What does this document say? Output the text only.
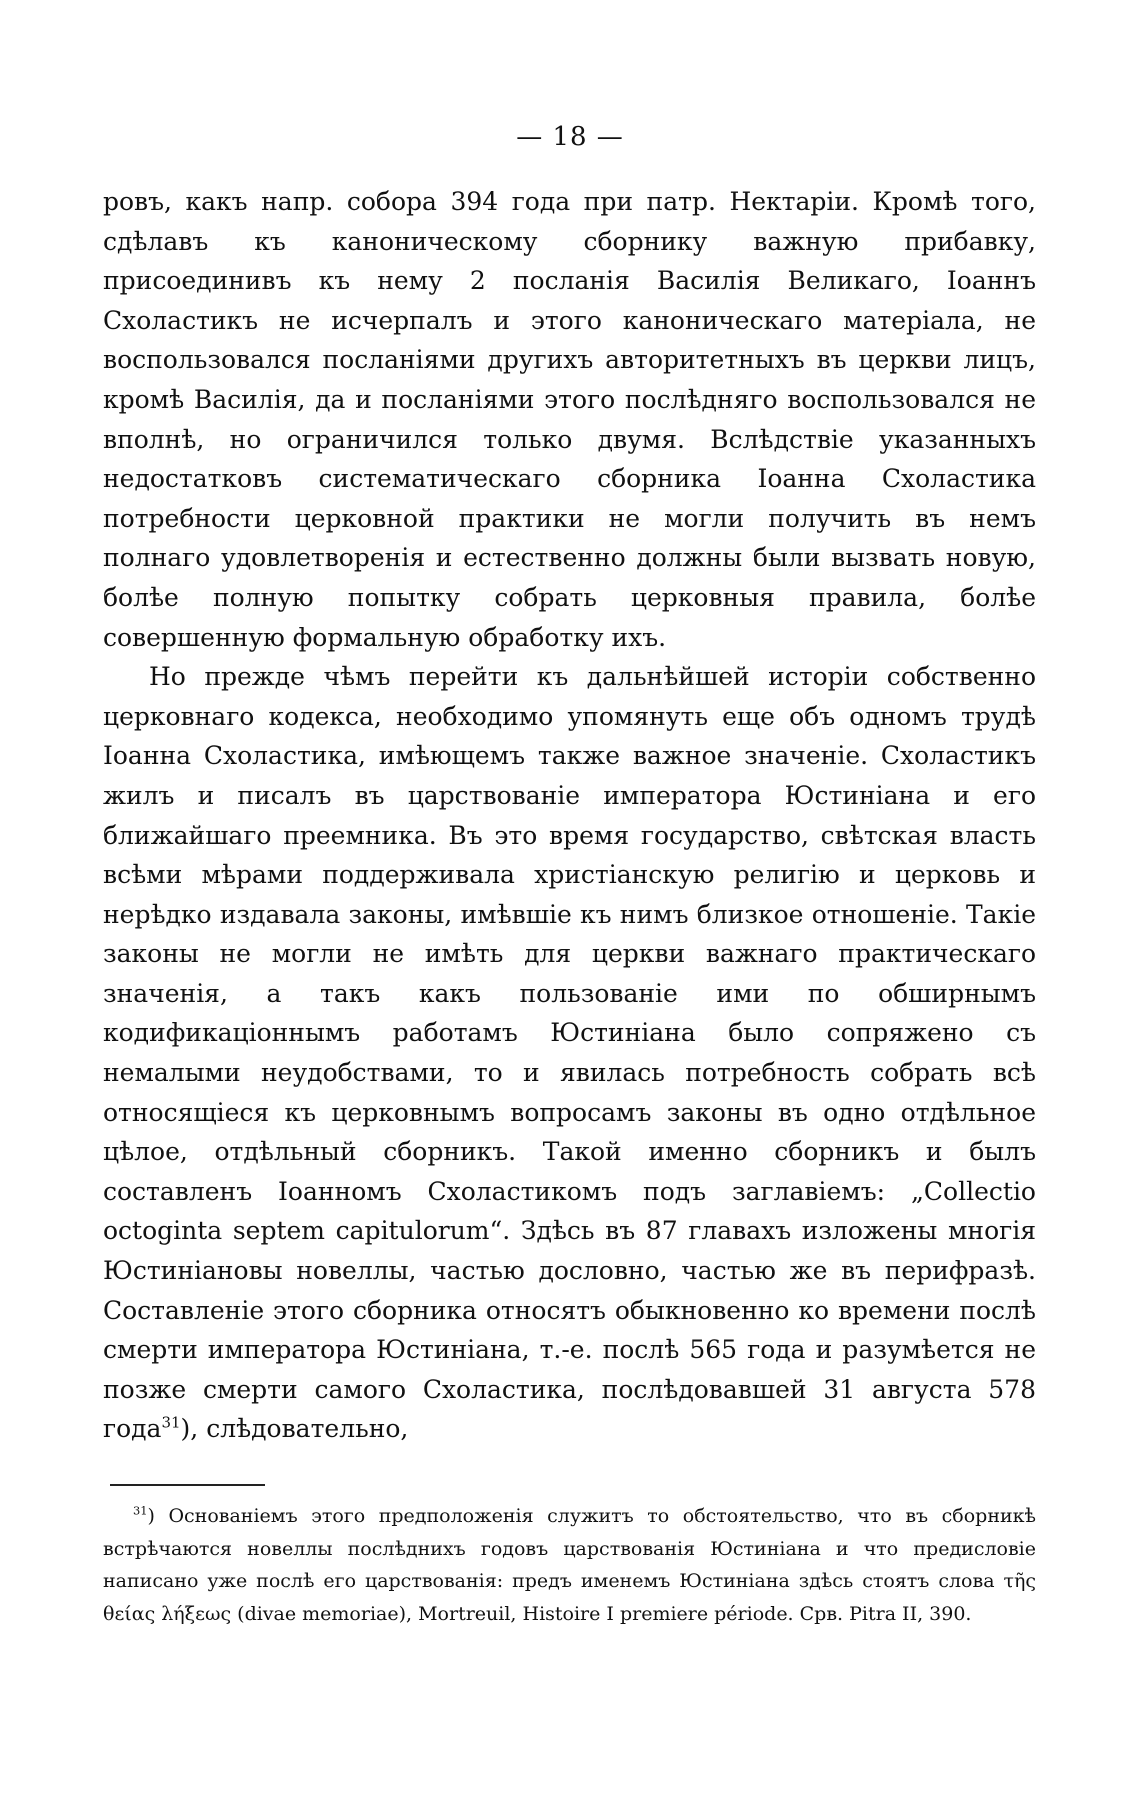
— 18 —

ровъ, какъ напр. собора 394 года при патр. Нектаріи. Кромѣ того, сдѣлавъ къ каноническому сборнику важную прибавку, присоединивъ къ нему 2 посланія Василія Великаго, Іоаннъ Схоластикъ не исчерпалъ и этого каноническаго матеріала, не воспользовался посланіями другихъ авторитетныхъ въ церкви лицъ, кромѣ Василія, да и посланіями этого послѣдняго воспользовался не вполнѣ, но ограничился только двумя. Вслѣдствіе указанныхъ недостатковъ систематическаго сборника Іоанна Схоластика потребности церковной практики не могли получить въ немъ полнаго удовлетворенія и естественно должны были вызвать новую, болѣе полную попытку собрать церковныя правила, болѣе совершенную формальную обработку ихъ.

Но прежде чѣмъ перейти къ дальнѣйшей исторіи собственно церковнаго кодекса, необходимо упомянуть еще объ одномъ трудѣ Іоанна Схоластика, имѣющемъ также важное значеніе. Схоластикъ жилъ и писалъ въ царствованіе императора Юстиніана и его ближайшаго преемника. Въ это время государство, свѣтская власть всѣми мѣрами поддерживала христіанскую религію и церковь и нерѣдко издавала законы, имѣвшіе къ нимъ близкое отношеніе. Такіе законы не могли не имѣть для церкви важнаго практическаго значенія, а такъ какъ пользованіе ими по обширнымъ кодификаціоннымъ работамъ Юстиніана было сопряжено съ немалыми неудобствами, то и явилась потребность собрать всѣ относящіеся къ церковнымъ вопросамъ законы въ одно отдѣльное цѣлое, отдѣльный сборникъ. Такой именно сборникъ и былъ составленъ Іоанномъ Схоластикомъ подъ заглавіемъ: „Collectio octoginta septem capitulorum“. Здѣсь въ 87 главахъ изложены многія Юстиніановы новеллы, частью дословно, частью же въ перифразѣ. Составленіе этого сборника относятъ обыкновенно ко времени послѣ смерти императора Юстиніана, т.-е. послѣ 565 года и разумѣется не позже смерти самого Схоластика, послѣдовавшей 31 августа 578 года$^{31}$), слѣдовательно,

$^{31}$) Основаніемъ этого предположенія служитъ то обстоятельство, что въ сборникѣ встрѣчаются новеллы послѣднихъ годовъ царствованія Юстиніана и что предисловіе написано уже послѣ его царствованія: предъ именемъ Юстиніана здѣсь стоятъ слова τῆς θείας λήξεως (divae memoriae), Mortreuil, Histoire I premiere période. Срв. Pitra II, 390.
